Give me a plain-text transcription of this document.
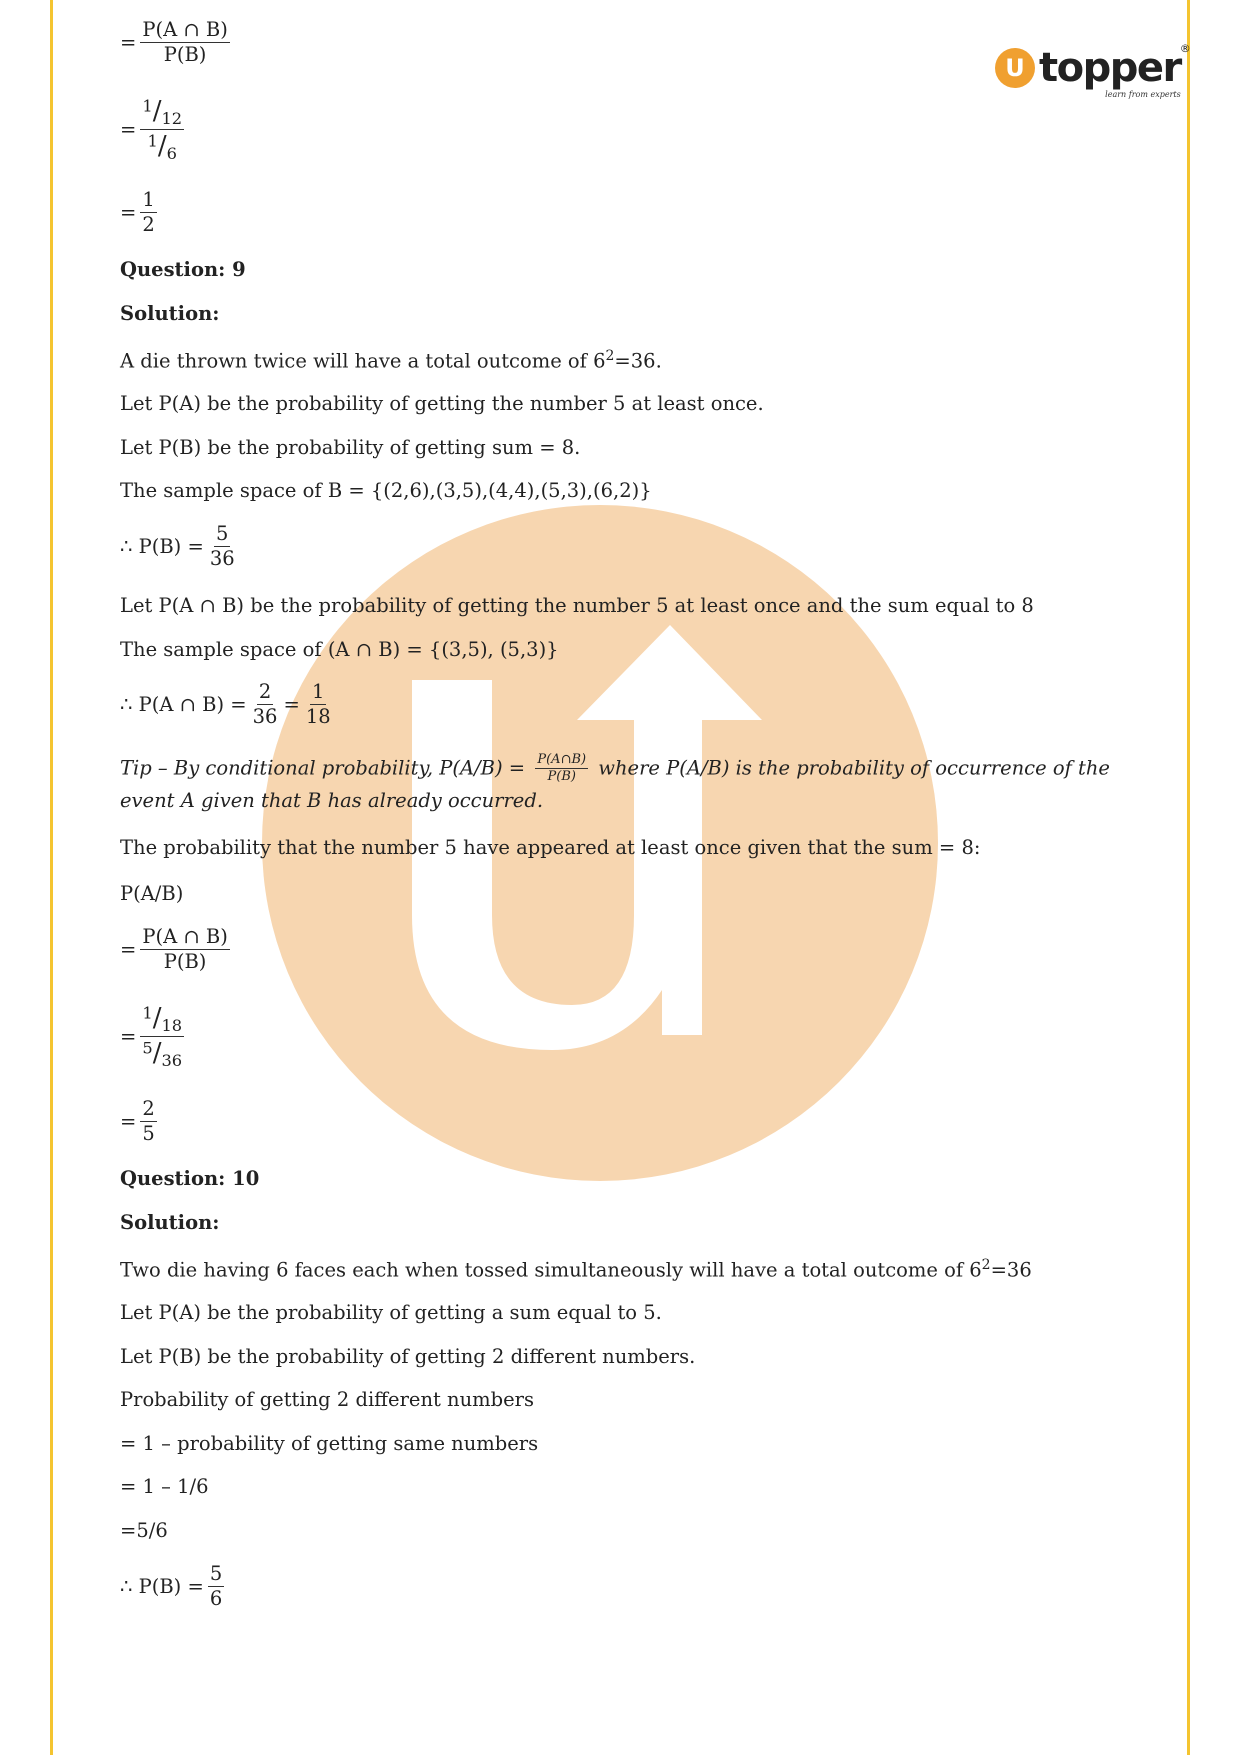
U topper ®
learn from experts
= $\frac{P(A \cap B)}{P(B)}$
= $\frac{^1/_{12}}{^1/_6}$
= $\frac{1}{2}$
Question: 9
Solution:
A die thrown twice will have a total outcome of $6^2=36$.
Let P(A) be the probability of getting the number 5 at least once.
Let P(B) be the probability of getting sum = 8.
The sample space of B = {(2,6),(3,5),(4,4),(5,3),(6,2)}
∴ $P(B) = \frac{5}{36}$
Let P(A ∩ B) be the probability of getting the number 5 at least once and the sum equal to 8
The sample space of (A ∩ B) = {(3,5), (5,3)}
∴ P(A ∩ $B) = \frac{2}{36} = \frac{1}{18}$
Tip – By conditional probability, $P(A/B) = \frac{P(A\cap B)}{P(B)}$ where P(A/B) is the probability of occurrence of the event A given that B has already occurred.
The probability that the number 5 have appeared at least once given that the sum = 8:
P(A/B)
= $\frac{P(A \cap B)}{P(B)}$
= $\frac{^1/_{18}}{^5/_{36}}$
= $\frac{2}{5}$
Question: 10
Solution:
Two die having 6 faces each when tossed simultaneously will have a total outcome of $6^2=36$
Let P(A) be the probability of getting a sum equal to 5.
Let P(B) be the probability of getting 2 different numbers.
Probability of getting 2 different numbers
= 1 – probability of getting same numbers
= 1 – 1/6
=5/6
∴ $P(B) = \frac{5}{6}$
